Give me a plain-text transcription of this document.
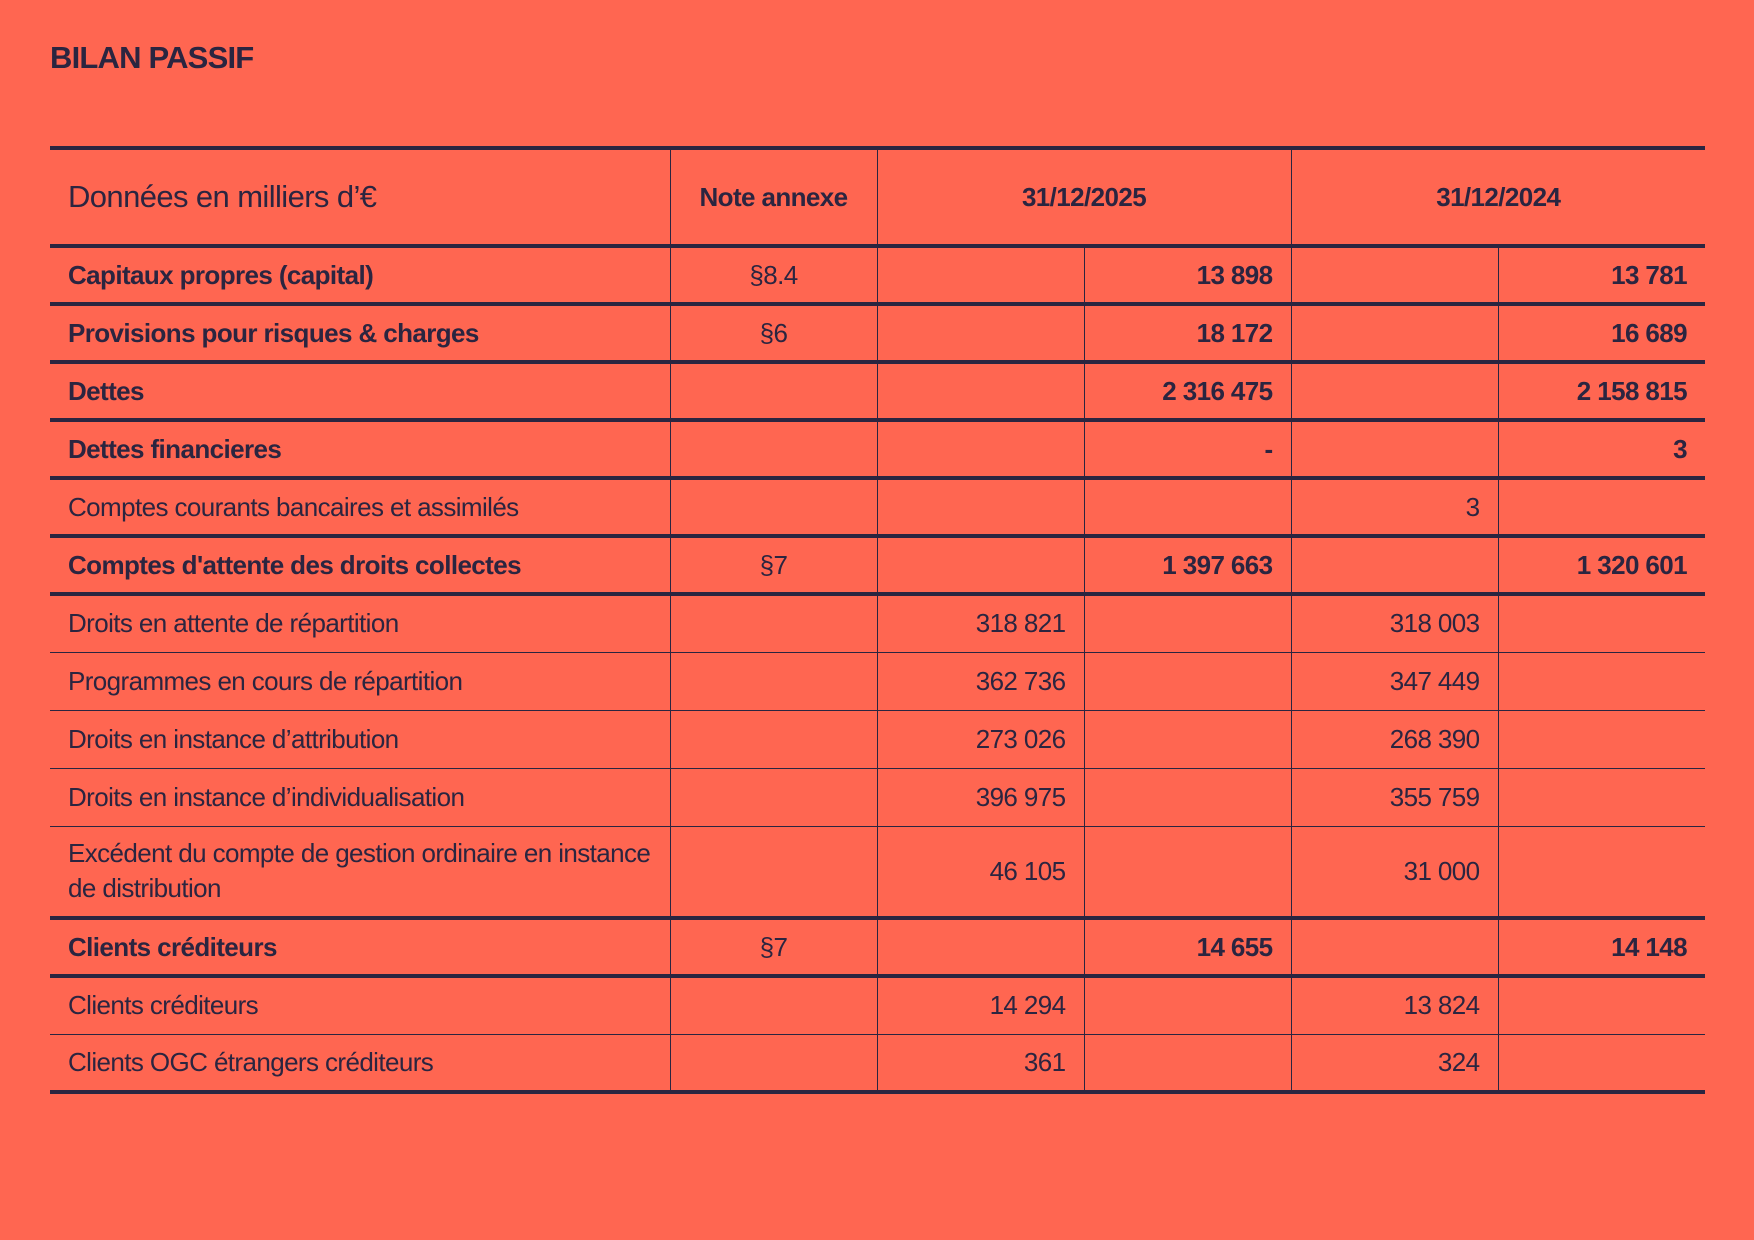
BILAN PASSIF
Données en milliers d’€	Note annexe	31/12/2025		31/12/2024	
Capitaux propres (capital)	§8.4		13 898		13 781
Provisions pour risques & charges	§6		18 172		16 689
Dettes			2 316 475		2 158 815
Dettes financieres			-		3
Comptes courants bancaires et assimilés				3	
Comptes d'attente des droits collectes	§7		1 397 663		1 320 601
Droits en attente de répartition		318 821		318 003	
Programmes en cours de répartition		362 736		347 449	
Droits en instance d’attribution		273 026		268 390	
Droits en instance d’individualisation		396 975		355 759	
Excédent du compte de gestion ordinaire en instance de distribution		46 105		31 000	
Clients créditeurs	§7		14 655		14 148
Clients créditeurs		14 294		13 824	
Clients OGC étrangers créditeurs		361		324	
